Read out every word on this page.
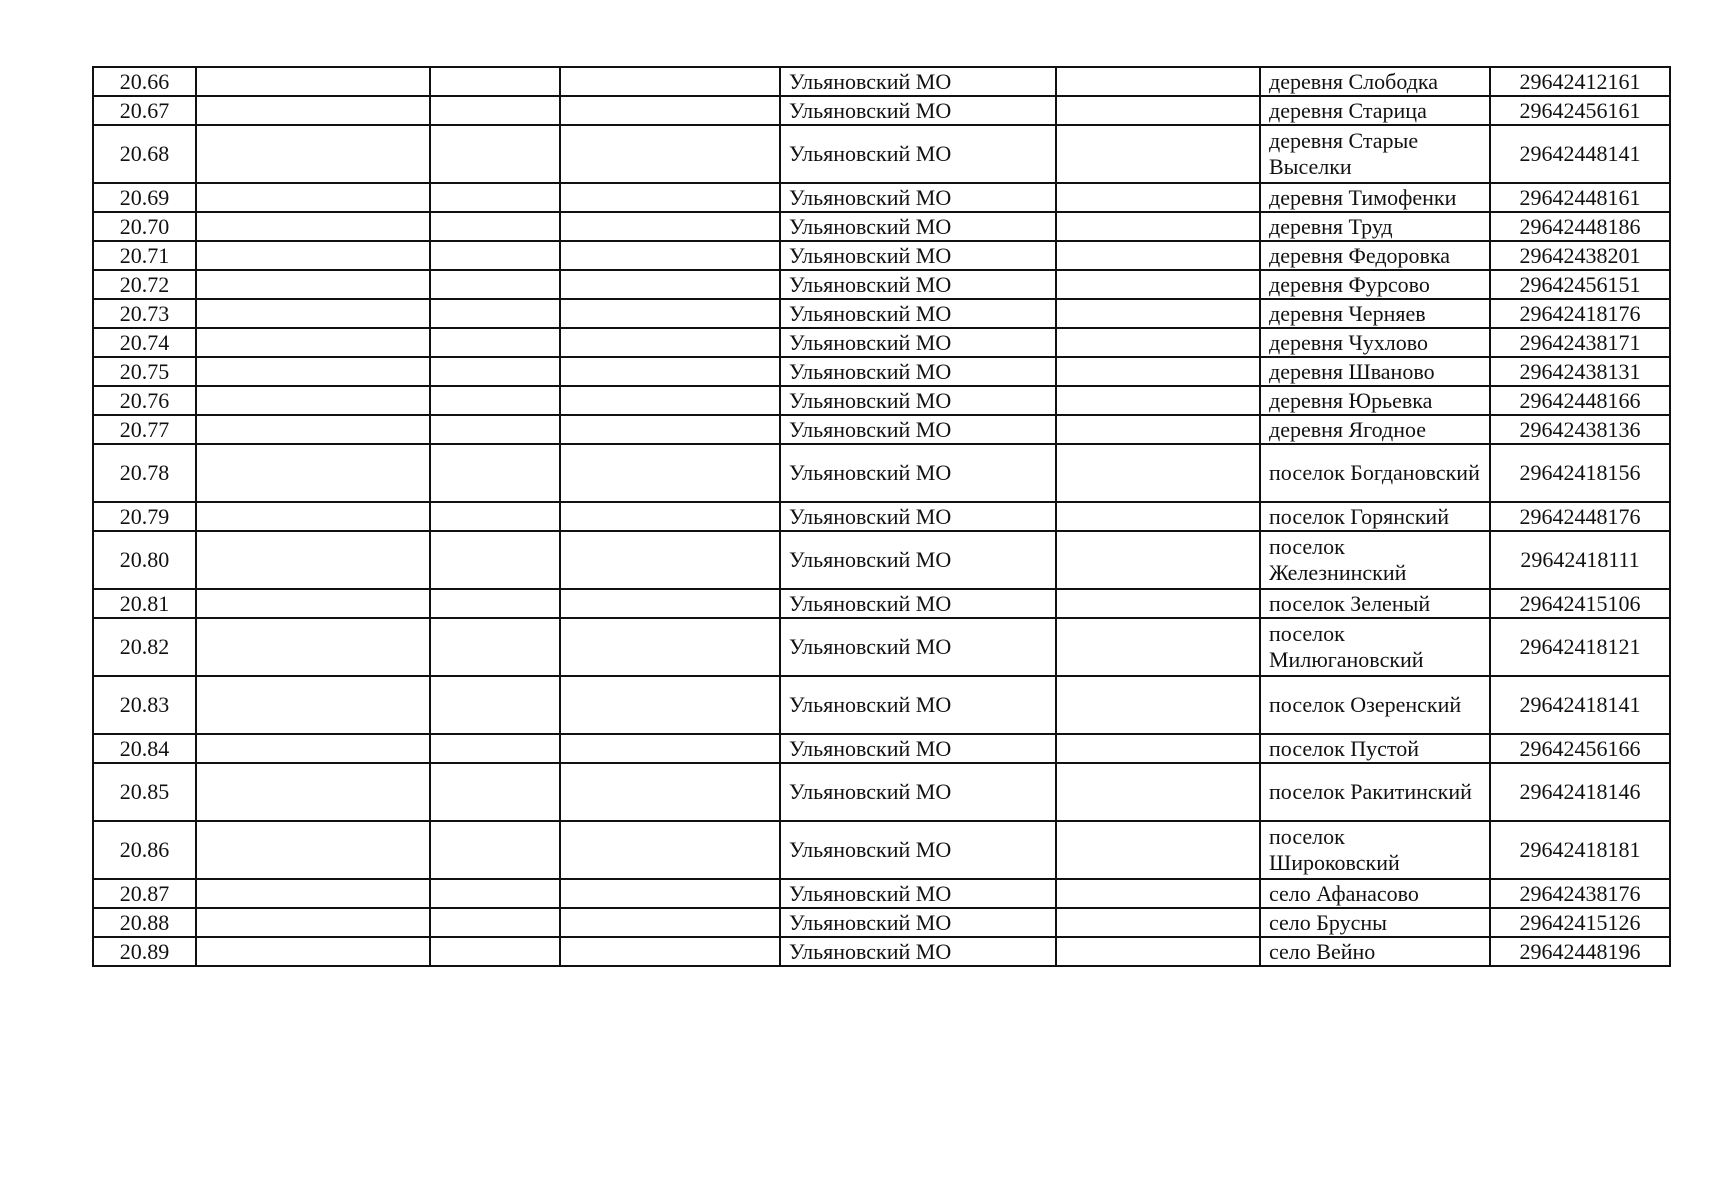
20.66				Ульяновский МО		деревня Слободка	29642412161
20.67				Ульяновский МО		деревня Старица	29642456161
20.68				Ульяновский МО		деревня Старые Выселки	29642448141
20.69				Ульяновский МО		деревня Тимофенки	29642448161
20.70				Ульяновский МО		деревня Труд	29642448186
20.71				Ульяновский МО		деревня Федоровка	29642438201
20.72				Ульяновский МО		деревня Фурсово	29642456151
20.73				Ульяновский МО		деревня Черняев	29642418176
20.74				Ульяновский МО		деревня Чухлово	29642438171
20.75				Ульяновский МО		деревня Шваново	29642438131
20.76				Ульяновский МО		деревня Юрьевка	29642448166
20.77				Ульяновский МО		деревня Ягодное	29642438136
20.78				Ульяновский МО		поселок Богдановский	29642418156
20.79				Ульяновский МО		поселок Горянский	29642448176
20.80				Ульяновский МО		поселок Железнинский	29642418111
20.81				Ульяновский МО		поселок Зеленый	29642415106
20.82				Ульяновский МО		поселок Милюгановский	29642418121
20.83				Ульяновский МО		поселок Озеренский	29642418141
20.84				Ульяновский МО		поселок Пустой	29642456166
20.85				Ульяновский МО		поселок Ракитинский	29642418146
20.86				Ульяновский МО		поселок Широковский	29642418181
20.87				Ульяновский МО		село Афанасово	29642438176
20.88				Ульяновский МО		село Брусны	29642415126
20.89				Ульяновский МО		село Вейно	29642448196
